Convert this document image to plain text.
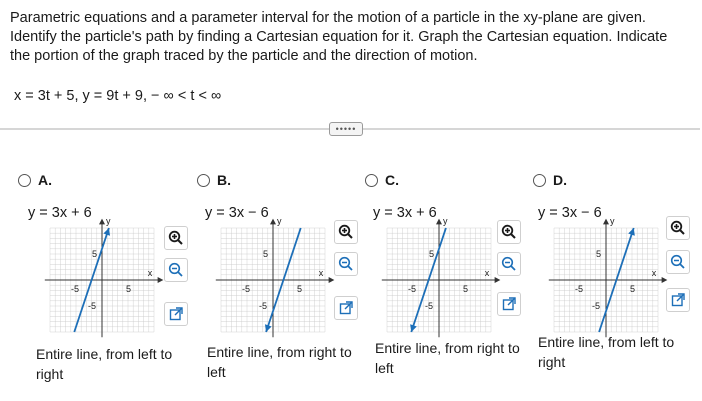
Parametric equations and a parameter interval for the motion of a particle in the xy-plane are given. Identify the particle's path by finding a Cartesian equation for it. Graph the Cartesian equation. Indicate the portion of the graph traced by the particle and the direction of motion.
x = 3t + 5, y = 9t + 9, − ∞ < t < ∞
•••••
A.
y = 3x + 6
-5	5
5
-5
x
y
Entire line, from left to right
B.
y = 3x − 6
-5	5
5
-5
x
y
Entire line, from right to left
C.
y = 3x + 6
-5	5
5
-5
x
y
Entire line, from right to left
D.
y = 3x − 6
-5	5
5
-5
x
y
Entire line, from left to right
